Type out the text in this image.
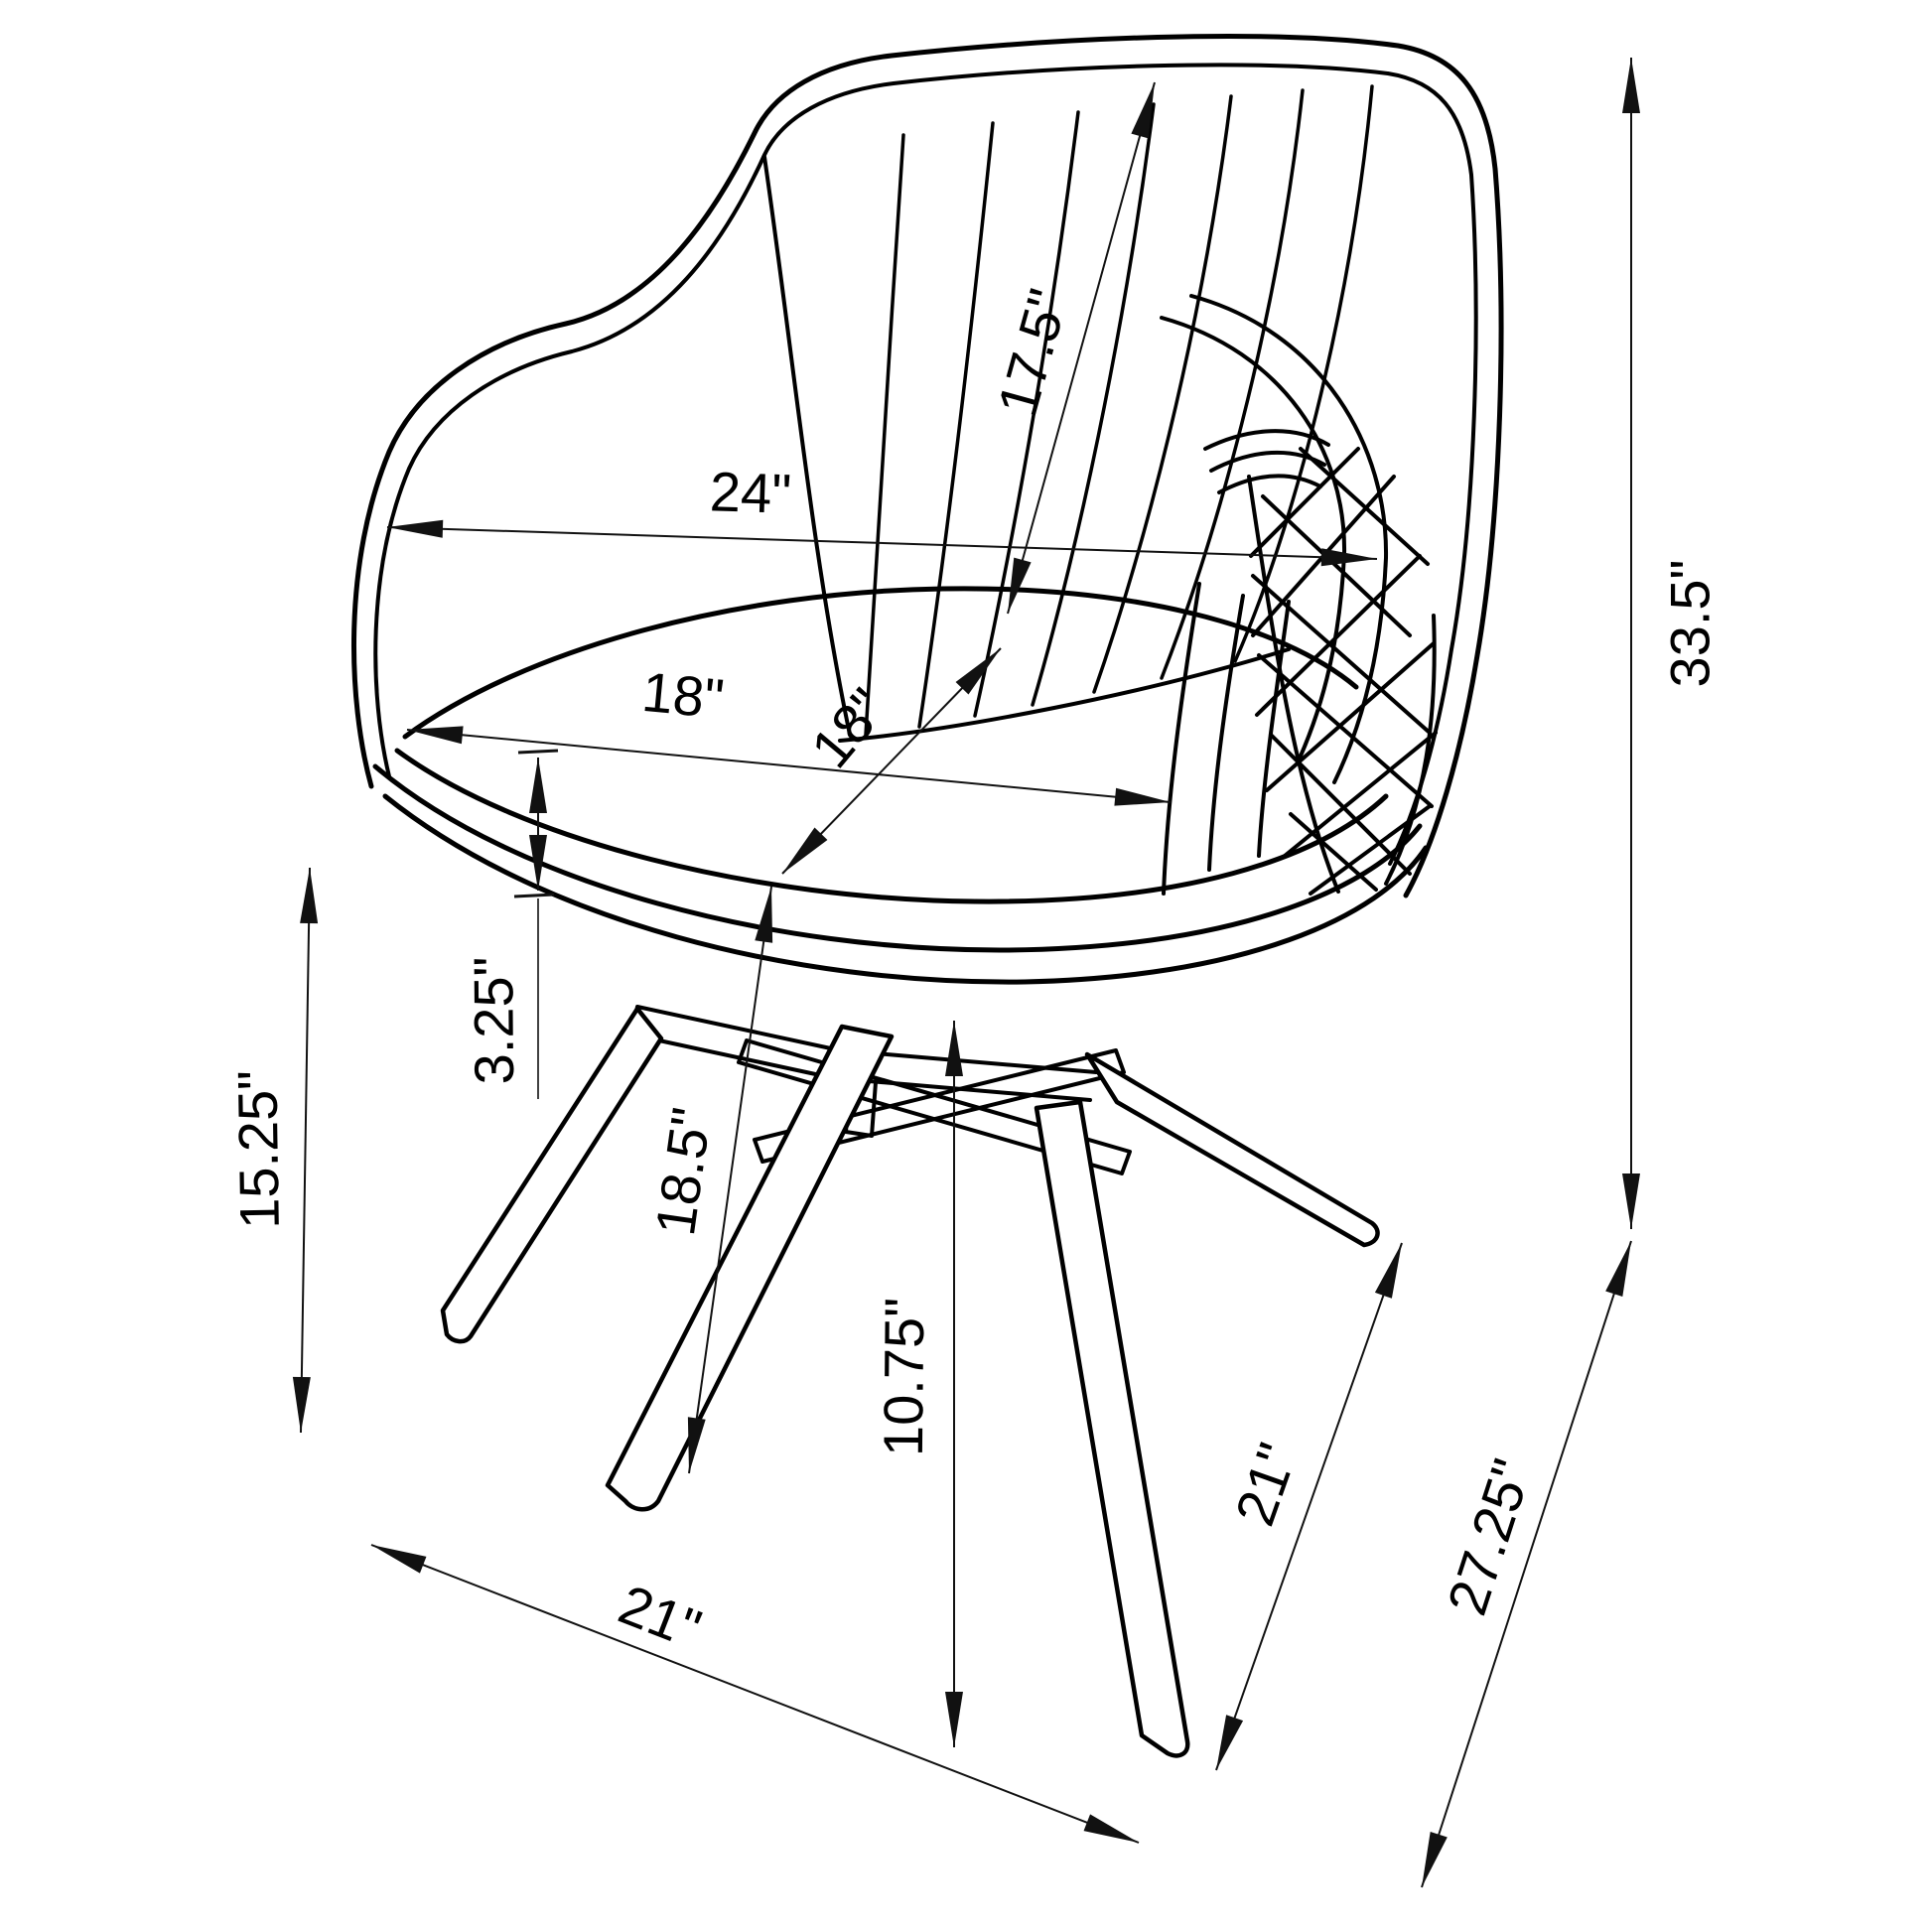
17.5"
24"
18" 18"
33.5"
15.25"
3.25"
18.5"
10.75"
21"
21" 27.25"
